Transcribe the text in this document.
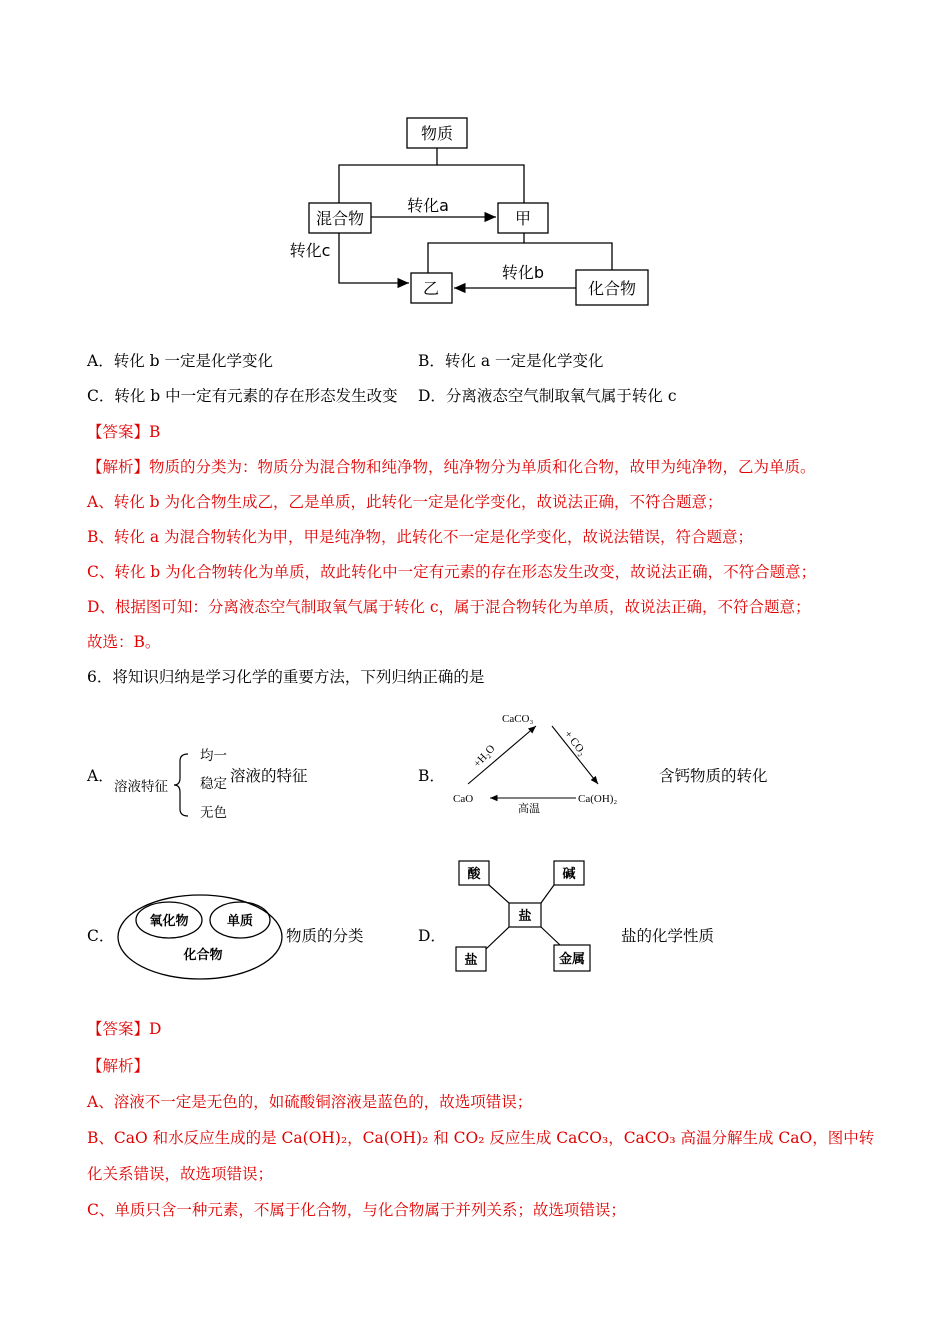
物质
混合物	甲
乙	化合物
转化a
转化b
转化c
A．转化 b 一定是化学变化	B．转化 a 一定是化学变化
C．转化 b 中一定有元素的存在形态发生改变 D．分离液态空气制取氧气属于转化 c
【答案】B
【解析】物质的分类为：物质分为混合物和纯净物，纯净物分为单质和化合物，故甲为纯净物，乙为单质。
A、转化 b 为化合物生成乙，乙是单质，此转化一定是化学变化，故说法正确，不符合题意；
B、转化 a 为混合物转化为甲，甲是纯净物，此转化不一定是化学变化，故说法错误，符合题意；
C、转化 b 为化合物转化为单质，故此转化中一定有元素的存在形态发生改变，故说法正确，不符合题意；
D、根据图可知：分离液态空气制取氧气属于转化 c，属于混合物转化为单质，故说法正确，不符合题意；
故选：B。
6．将知识归纳是学习化学的重要方法，下列归纳正确的是
A．
溶液特征
均一
稳定
无色
溶液的特征	B．
CaCO₃
CaO	Ca(OH)₂
+H₂O	+ CO₂
高温
含钙物质的转化
C．
氧化物	单质
化合物
物质的分类	D．
盐
酸	碱
盐	金属
盐的化学性质
【答案】D
【解析】
A、溶液不一定是无色的，如硫酸铜溶液是蓝色的，故选项错误；
B、CaO 和水反应生成的是 Ca(OH)₂，Ca(OH)₂ 和 CO₂ 反应生成 CaCO₃，CaCO₃ 高温分解生成 CaO，图中转
化关系错误，故选项错误；
C、单质只含一种元素，不属于化合物，与化合物属于并列关系；故选项错误；
